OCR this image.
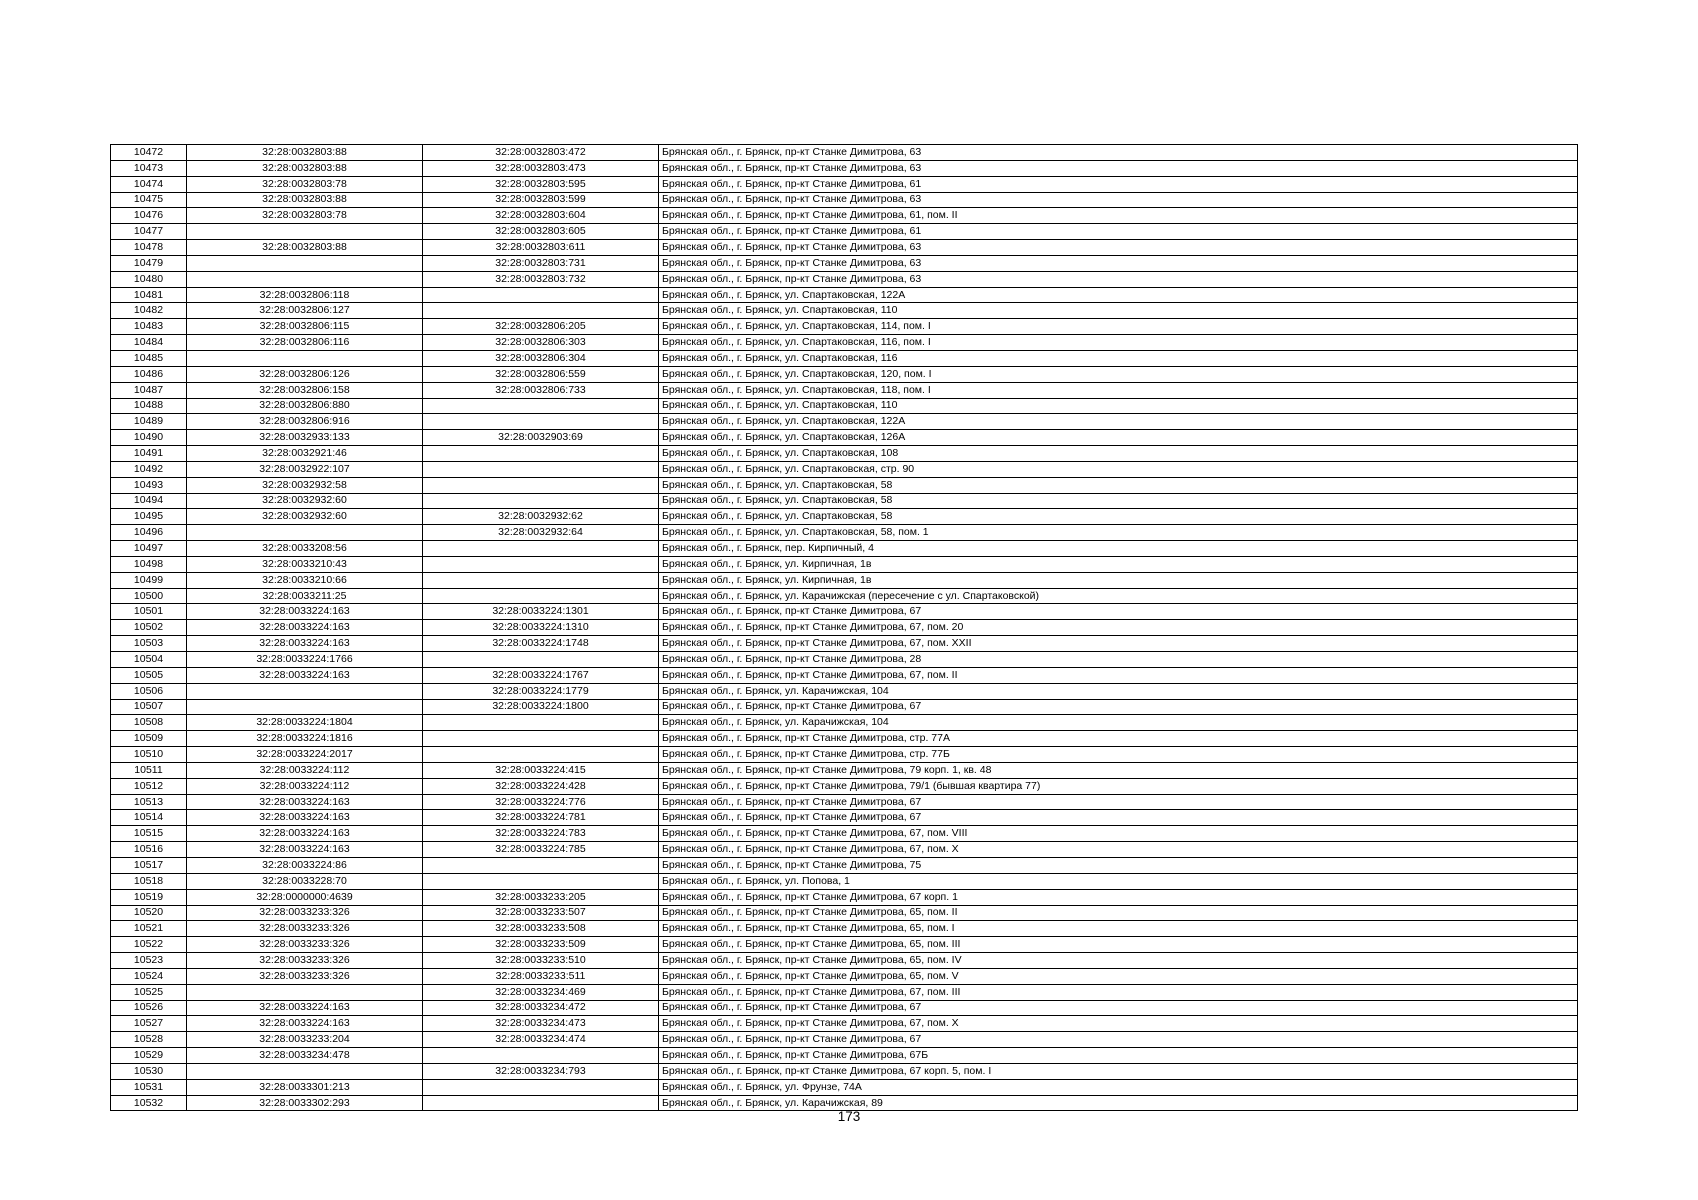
10472	32:28:0032803:88	32:28:0032803:472	Брянская обл., г. Брянск, пр-кт Станке Димитрова, 63
10473	32:28:0032803:88	32:28:0032803:473	Брянская обл., г. Брянск, пр-кт Станке Димитрова, 63
10474	32:28:0032803:78	32:28:0032803:595	Брянская обл., г. Брянск, пр-кт Станке Димитрова, 61
10475	32:28:0032803:88	32:28:0032803:599	Брянская обл., г. Брянск, пр-кт Станке Димитрова, 63
10476	32:28:0032803:78	32:28:0032803:604	Брянская обл., г. Брянск, пр-кт Станке Димитрова, 61, пом. II
10477		32:28:0032803:605	Брянская обл., г. Брянск, пр-кт Станке Димитрова, 61
10478	32:28:0032803:88	32:28:0032803:611	Брянская обл., г. Брянск, пр-кт Станке Димитрова, 63
10479		32:28:0032803:731	Брянская обл., г. Брянск, пр-кт Станке Димитрова, 63
10480		32:28:0032803:732	Брянская обл., г. Брянск, пр-кт Станке Димитрова, 63
10481	32:28:0032806:118		Брянская обл., г. Брянск, ул. Спартаковская, 122А
10482	32:28:0032806:127		Брянская обл., г. Брянск, ул. Спартаковская, 110
10483	32:28:0032806:115	32:28:0032806:205	Брянская обл., г. Брянск, ул. Спартаковская, 114, пом. I
10484	32:28:0032806:116	32:28:0032806:303	Брянская обл., г. Брянск, ул. Спартаковская, 116, пом. I
10485		32:28:0032806:304	Брянская обл., г. Брянск, ул. Спартаковская, 116
10486	32:28:0032806:126	32:28:0032806:559	Брянская обл., г. Брянск, ул. Спартаковская, 120, пом. I
10487	32:28:0032806:158	32:28:0032806:733	Брянская обл., г. Брянск, ул. Спартаковская, 118, пом. I
10488	32:28:0032806:880		Брянская обл., г. Брянск, ул. Спартаковская, 110
10489	32:28:0032806:916		Брянская обл., г. Брянск, ул. Спартаковская, 122А
10490	32:28:0032933:133	32:28:0032903:69	Брянская обл., г. Брянск, ул. Спартаковская, 126А
10491	32:28:0032921:46		Брянская обл., г. Брянск, ул. Спартаковская, 108
10492	32:28:0032922:107		Брянская обл., г. Брянск, ул. Спартаковская, стр. 90
10493	32:28:0032932:58		Брянская обл., г. Брянск, ул. Спартаковская, 58
10494	32:28:0032932:60		Брянская обл., г. Брянск, ул. Спартаковская, 58
10495	32:28:0032932:60	32:28:0032932:62	Брянская обл., г. Брянск, ул. Спартаковская, 58
10496		32:28:0032932:64	Брянская обл., г. Брянск, ул. Спартаковская, 58, пом. 1
10497	32:28:0033208:56		Брянская обл., г. Брянск, пер. Кирпичный, 4
10498	32:28:0033210:43		Брянская обл., г. Брянск, ул. Кирпичная, 1в
10499	32:28:0033210:66		Брянская обл., г. Брянск, ул. Кирпичная, 1в
10500	32:28:0033211:25		Брянская обл., г. Брянск, ул. Карачижская (пересечение с ул. Спартаковской)
10501	32:28:0033224:163	32:28:0033224:1301	Брянская обл., г. Брянск, пр-кт Станке Димитрова, 67
10502	32:28:0033224:163	32:28:0033224:1310	Брянская обл., г. Брянск, пр-кт Станке Димитрова, 67, пом. 20
10503	32:28:0033224:163	32:28:0033224:1748	Брянская обл., г. Брянск, пр-кт Станке Димитрова, 67, пом. XXII
10504	32:28:0033224:1766		Брянская обл., г. Брянск, пр-кт Станке Димитрова, 28
10505	32:28:0033224:163	32:28:0033224:1767	Брянская обл., г. Брянск, пр-кт Станке Димитрова, 67, пом. II
10506		32:28:0033224:1779	Брянская обл., г. Брянск, ул. Карачижская, 104
10507		32:28:0033224:1800	Брянская обл., г. Брянск, пр-кт Станке Димитрова, 67
10508	32:28:0033224:1804		Брянская обл., г. Брянск, ул. Карачижская, 104
10509	32:28:0033224:1816		Брянская обл., г. Брянск, пр-кт Станке Димитрова, стр. 77А
10510	32:28:0033224:2017		Брянская обл., г. Брянск, пр-кт Станке Димитрова, стр. 77Б
10511	32:28:0033224:112	32:28:0033224:415	Брянская обл., г. Брянск, пр-кт Станке Димитрова, 79 корп. 1, кв. 48
10512	32:28:0033224:112	32:28:0033224:428	Брянская обл., г. Брянск, пр-кт Станке Димитрова, 79/1 (бывшая квартира 77)
10513	32:28:0033224:163	32:28:0033224:776	Брянская обл., г. Брянск, пр-кт Станке Димитрова, 67
10514	32:28:0033224:163	32:28:0033224:781	Брянская обл., г. Брянск, пр-кт Станке Димитрова, 67
10515	32:28:0033224:163	32:28:0033224:783	Брянская обл., г. Брянск, пр-кт Станке Димитрова, 67, пом. VIII
10516	32:28:0033224:163	32:28:0033224:785	Брянская обл., г. Брянск, пр-кт Станке Димитрова, 67, пом. X
10517	32:28:0033224:86		Брянская обл., г. Брянск, пр-кт Станке Димитрова, 75
10518	32:28:0033228:70		Брянская обл., г. Брянск, ул. Попова, 1
10519	32:28:0000000:4639	32:28:0033233:205	Брянская обл., г. Брянск, пр-кт Станке Димитрова, 67 корп. 1
10520	32:28:0033233:326	32:28:0033233:507	Брянская обл., г. Брянск, пр-кт Станке Димитрова, 65, пом. II
10521	32:28:0033233:326	32:28:0033233:508	Брянская обл., г. Брянск, пр-кт Станке Димитрова, 65, пом. I
10522	32:28:0033233:326	32:28:0033233:509	Брянская обл., г. Брянск, пр-кт Станке Димитрова, 65, пом. III
10523	32:28:0033233:326	32:28:0033233:510	Брянская обл., г. Брянск, пр-кт Станке Димитрова, 65, пом. IV
10524	32:28:0033233:326	32:28:0033233:511	Брянская обл., г. Брянск, пр-кт Станке Димитрова, 65, пом. V
10525		32:28:0033234:469	Брянская обл., г. Брянск, пр-кт Станке Димитрова, 67, пом. III
10526	32:28:0033224:163	32:28:0033234:472	Брянская обл., г. Брянск, пр-кт Станке Димитрова, 67
10527	32:28:0033224:163	32:28:0033234:473	Брянская обл., г. Брянск, пр-кт Станке Димитрова, 67, пом. X
10528	32:28:0033233:204	32:28:0033234:474	Брянская обл., г. Брянск, пр-кт Станке Димитрова, 67
10529	32:28:0033234:478		Брянская обл., г. Брянск, пр-кт Станке Димитрова, 67Б
10530		32:28:0033234:793	Брянская обл., г. Брянск, пр-кт Станке Димитрова, 67 корп. 5, пом. I
10531	32:28:0033301:213		Брянская обл., г. Брянск, ул. Фрунзе, 74А
10532	32:28:0033302:293		Брянская обл., г. Брянск, ул. Карачижская, 89
173
